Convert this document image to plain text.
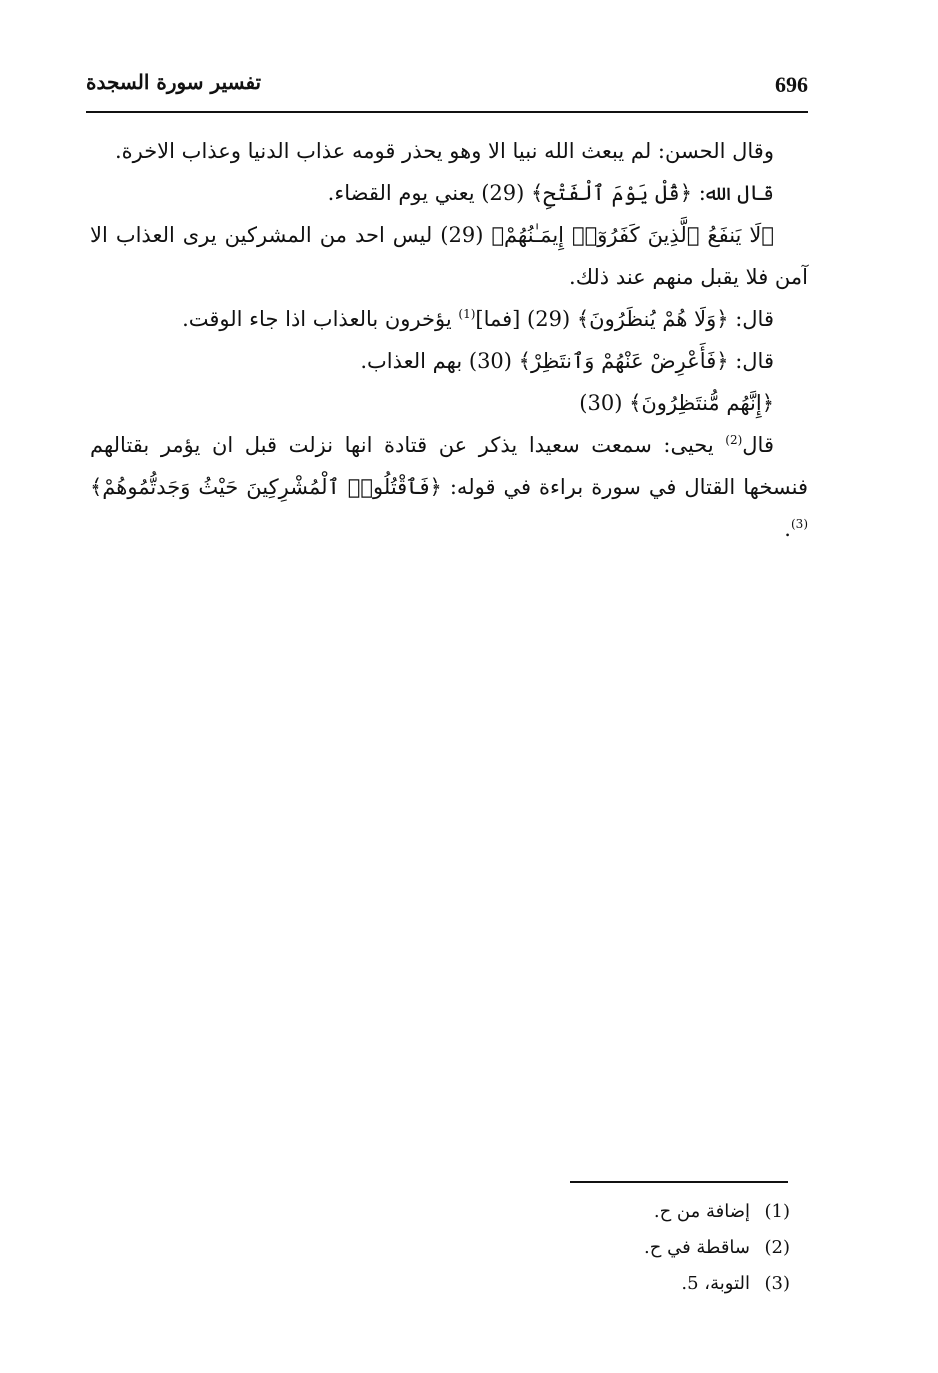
696
تفسير سورة السجدة

وقال الحسن: لم يبعث الله نبيا الا وهو يحذر قومه عذاب الدنيا وعذاب الاخرة.

قال الله: ﴿قُلْ يَوْمَ ٱلْفَتْحِ﴾ (29) يعني يوم القضاء.

﴿لَا يَنفَعُ ٱلَّذِينَ كَفَرُوٓا۟ إِيمَـٰنُهُمْ﴾ (29) ليس احد من المشركين يرى العذاب الا آمن فلا يقبل منهم عند ذلك.

قال: ﴿وَلَا هُمْ يُنظَرُونَ﴾ (29) [فما]$^{(1)}$ يؤخرون بالعذاب اذا جاء الوقت.

قال: ﴿فَأَعْرِضْ عَنْهُمْ وَٱنتَظِرْ﴾ (30) بهم العذاب.

﴿إِنَّهُم مُّنتَظِرُونَ﴾ (30)

قال$^{(2)}$ يحيى: سمعت سعيدا يذكر عن قتادة انها نزلت قبل ان يؤمر بقتالهم فنسخها القتال في سورة براءة في قوله: ﴿فَٱقْتُلُوا۟ ٱلْمُشْرِكِينَ حَيْثُ وَجَدتُّمُوهُمْ﴾$^{(3)}$.

(1)إضافة من ح.
(2)ساقطة في ح.
(3)التوبة، 5.
